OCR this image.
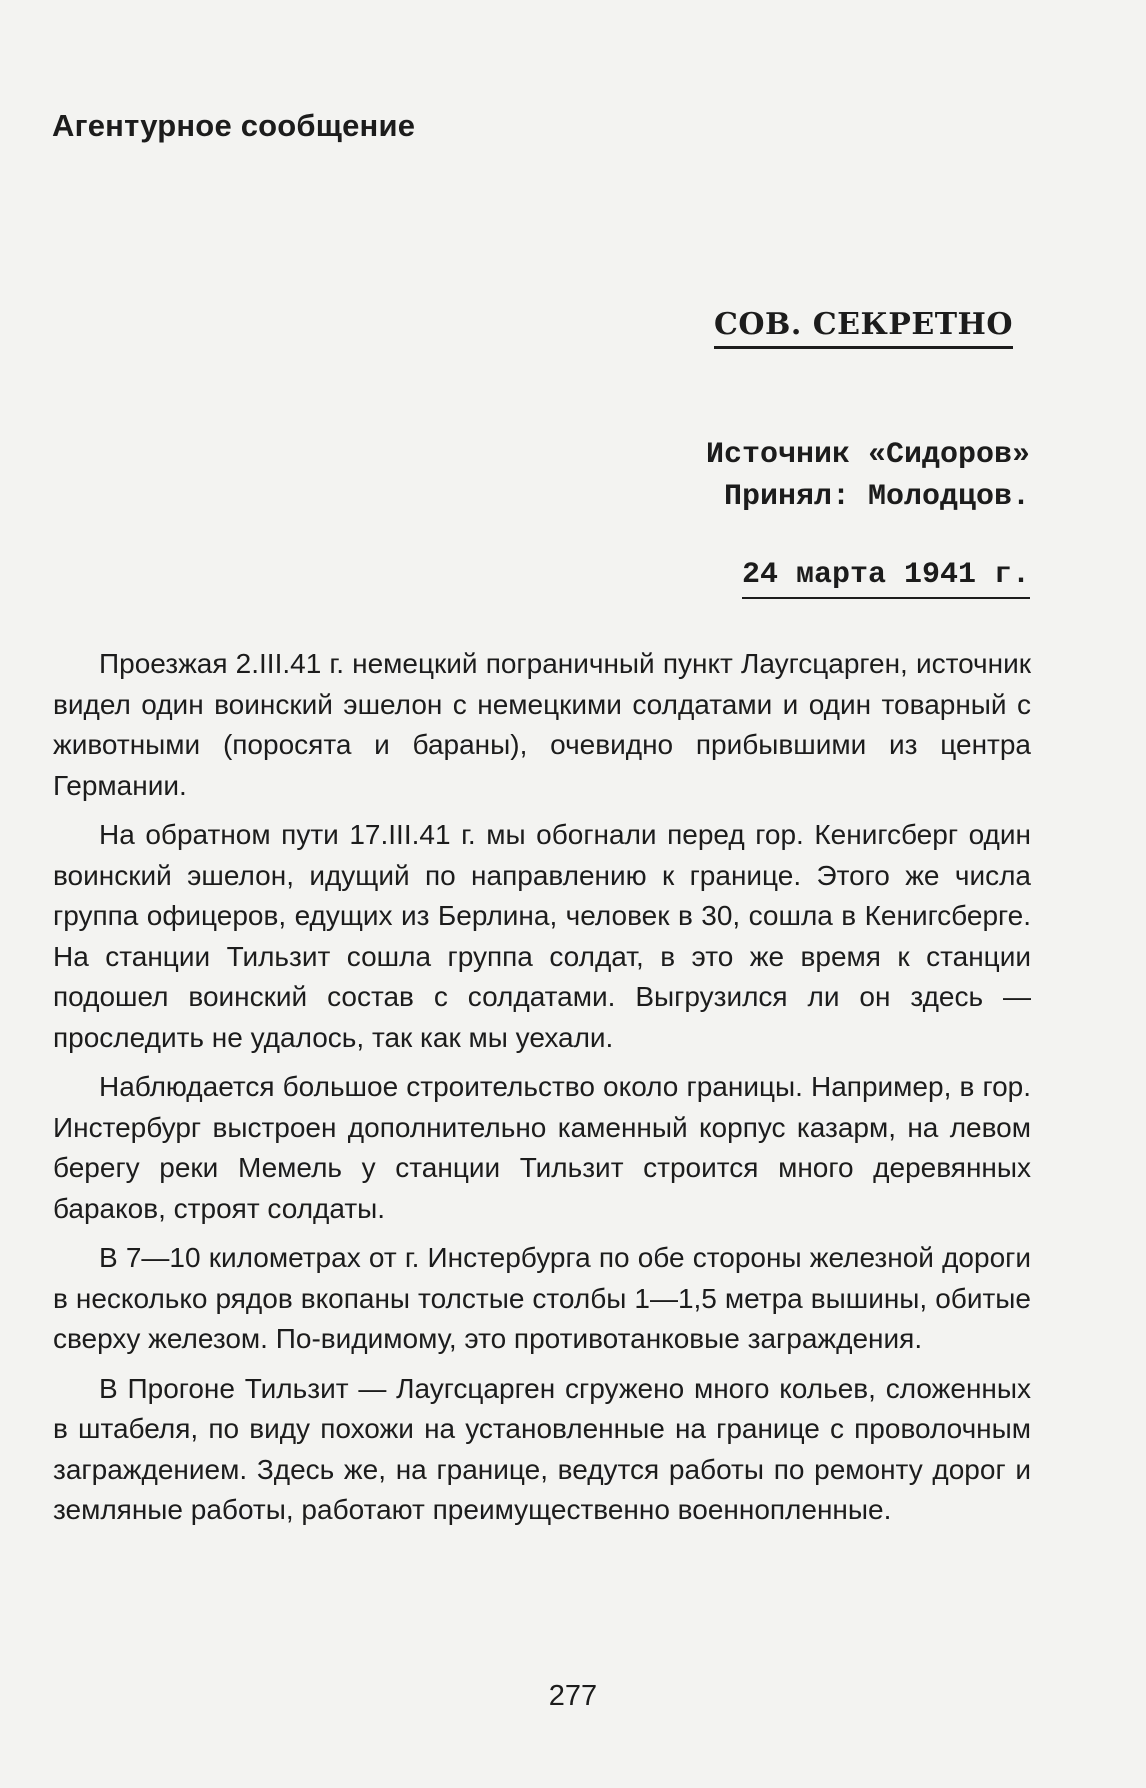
Агентурное сообщение
СОВ. СЕКРЕТНО
Источник «Сидоров»
Принял: Молодцов.
24 марта 1941 г.

Проезжая 2.III.41 г. немецкий пограничный пункт Лаугсцарген, источник видел один воинский эшелон с немецкими солдатами и один товарный с животными (поросята и бараны), очевидно прибывшими из центра Германии.

На обратном пути 17.III.41 г. мы обогнали перед гор. Кенигсберг один воинский эшелон, идущий по направлению к границе. Этого же числа группа офицеров, едущих из Берлина, человек в 30, сошла в Кенигсберге. На станции Тильзит сошла группа солдат, в это же время к станции подошел воинский состав с солдатами. Выгрузился ли он здесь — проследить не удалось, так как мы уехали.

Наблюдается большое строительство около границы. Например, в гор. Инстербург выстроен дополнительно каменный корпус казарм, на левом берегу реки Мемель у станции Тильзит строится много деревянных бараков, строят солдаты.

В 7—10 километрах от г. Инстербурга по обе стороны железной дороги в несколько рядов вкопаны толстые столбы 1—1,5 метра вышины, обитые сверху железом. По-видимому, это противотанковые заграждения.

В Прогоне Тильзит — Лаугсцарген сгружено много кольев, сложенных в штабеля, по виду похожи на установленные на границе с проволочным заграждением. Здесь же, на границе, ведутся работы по ремонту дорог и земляные работы, работают преимущественно военнопленные.

277
